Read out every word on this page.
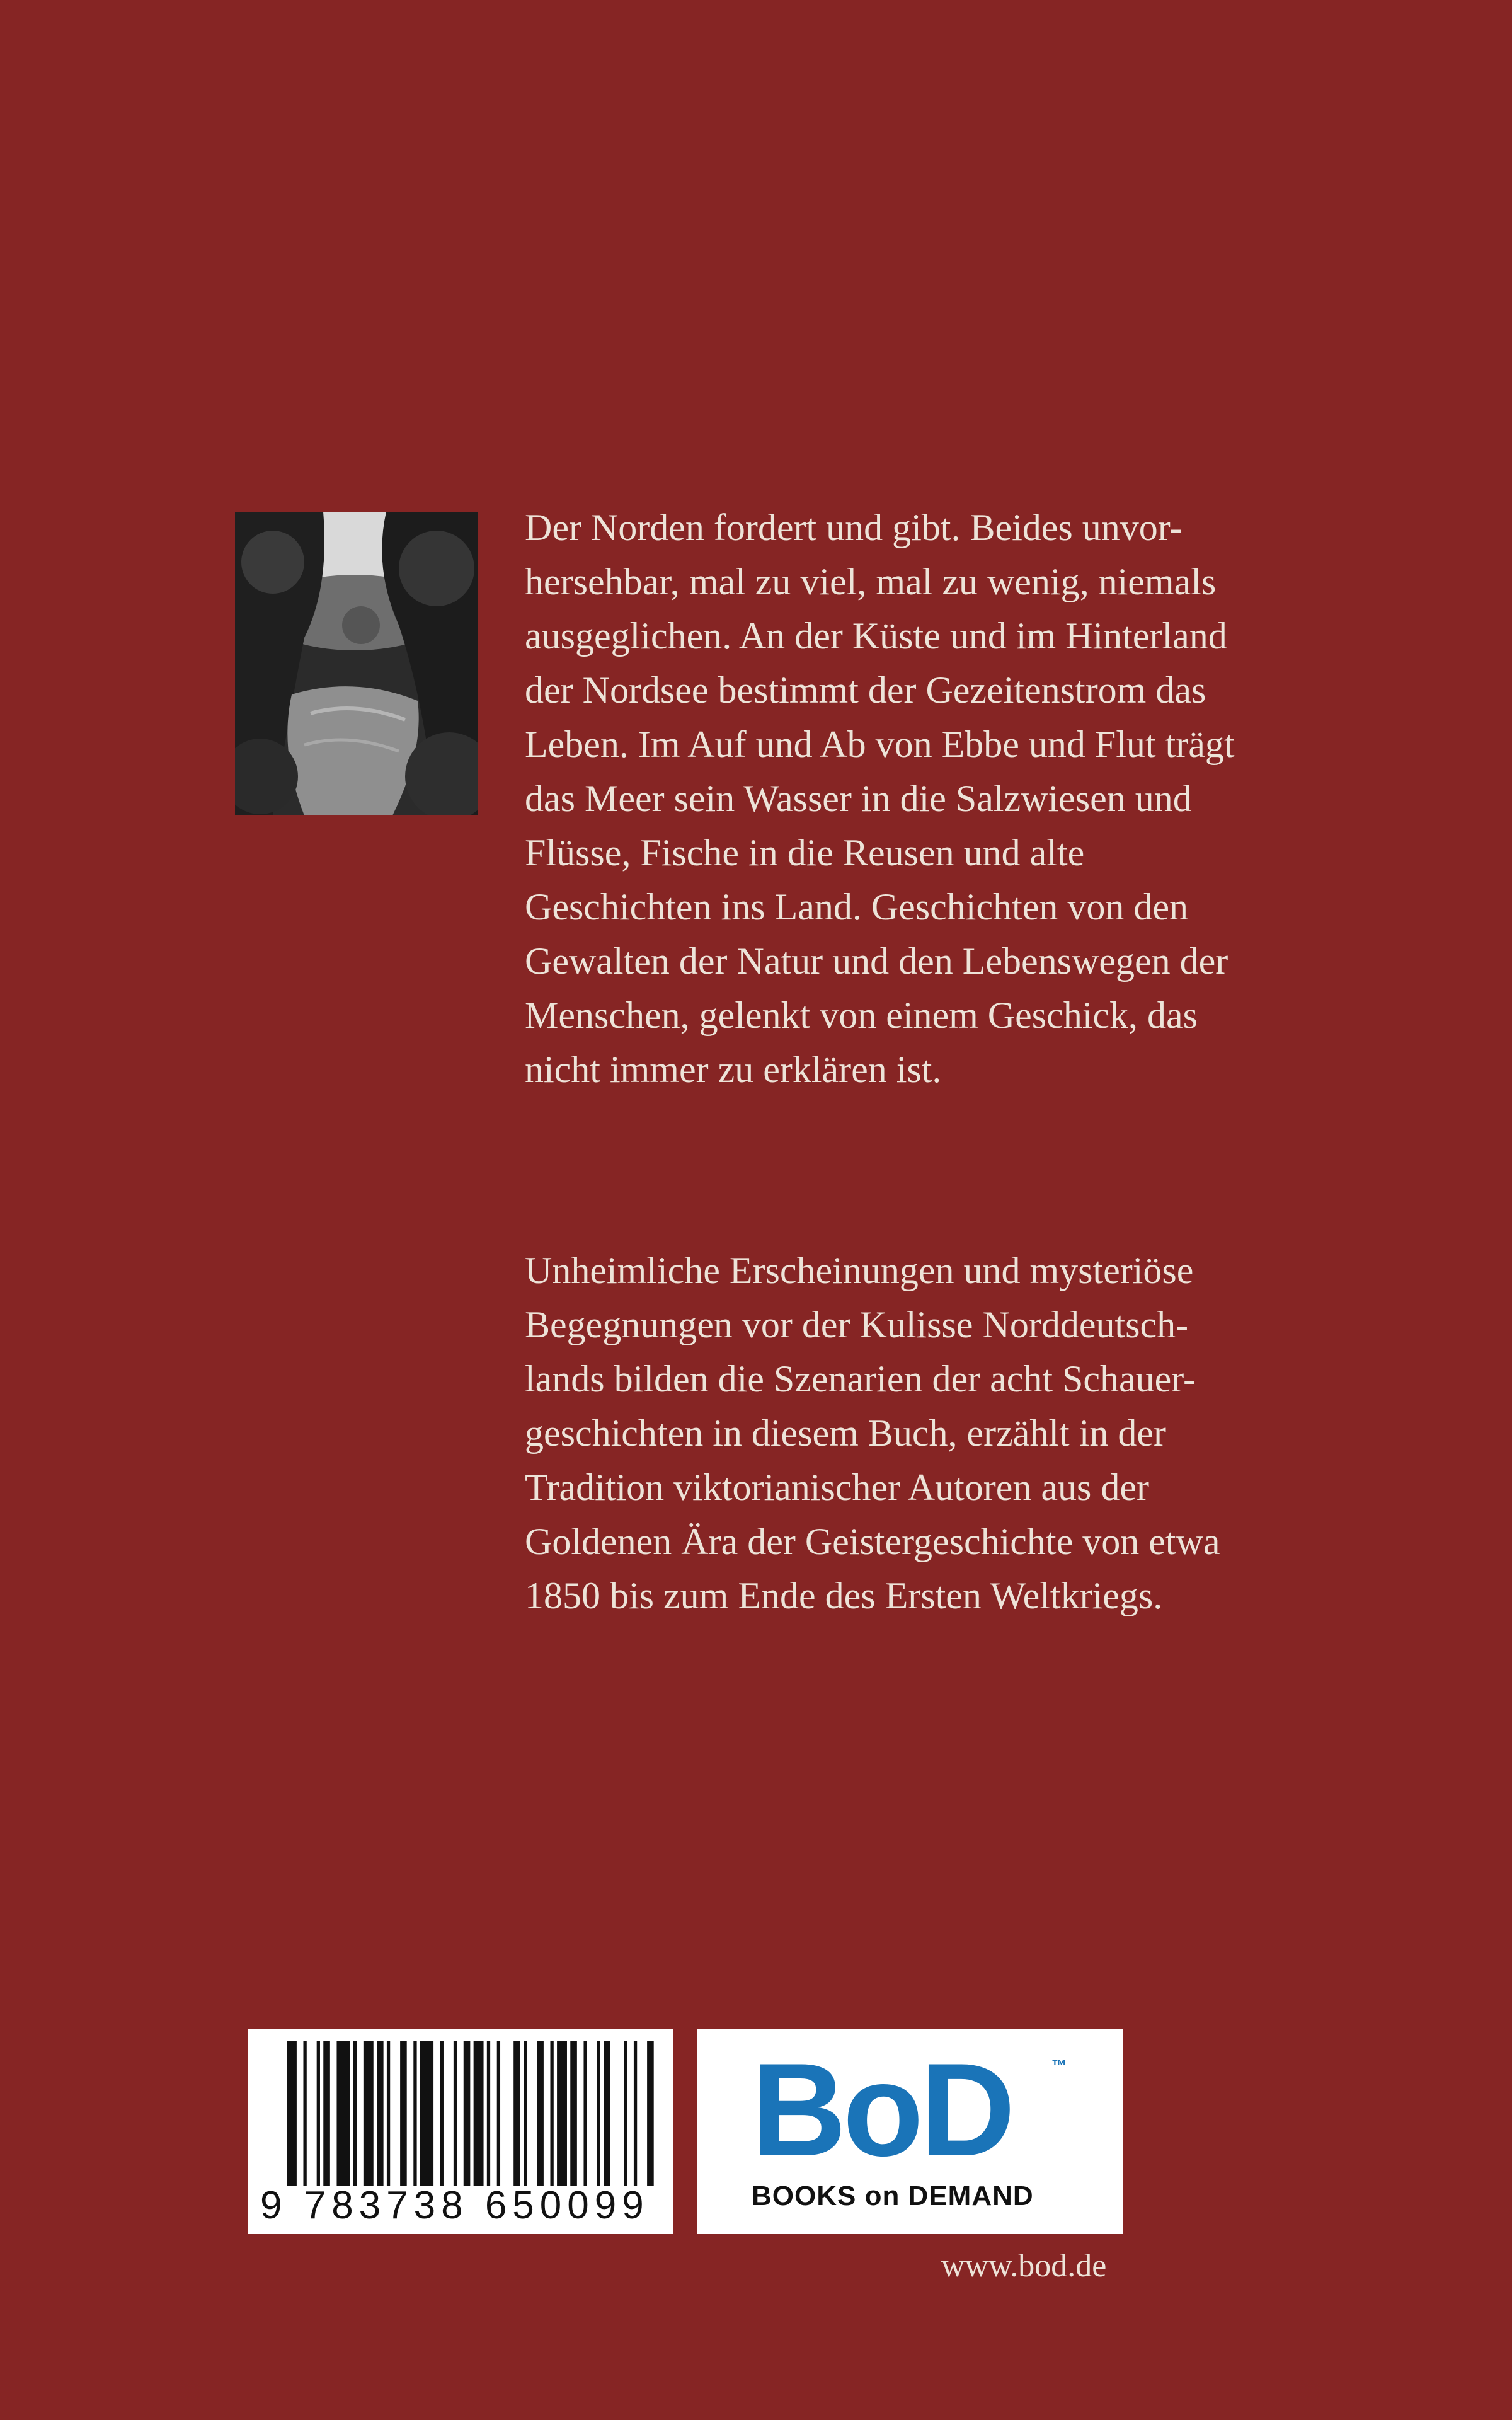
Der Norden fordert und gibt. Beides unvor-
hersehbar, mal zu viel, mal zu wenig, niemals
ausgeglichen. An der Küste und im Hinterland
der Nordsee bestimmt der Gezeitenstrom das
Leben. Im Auf und Ab von Ebbe und Flut trägt
das Meer sein Wasser in die Salzwiesen und
Flüsse, Fische in die Reusen und alte
Geschichten ins Land. Geschichten von den
Gewalten der Natur und den Lebenswegen der
Menschen, gelenkt von einem Geschick, das
nicht immer zu erklären ist.
Unheimliche Erscheinungen und mysteriöse
Begegnungen vor der Kulisse Norddeutsch-
lands bilden die Szenarien der acht Schauer-
geschichten in diesem Buch, erzählt in der
Tradition viktorianischer Autoren aus der
Goldenen Ära der Geistergeschichte von etwa
1850 bis zum Ende des Ersten Weltkriegs.
9 783738 650099
BoD	™
BOOKS on DEMAND
www.bod.de
